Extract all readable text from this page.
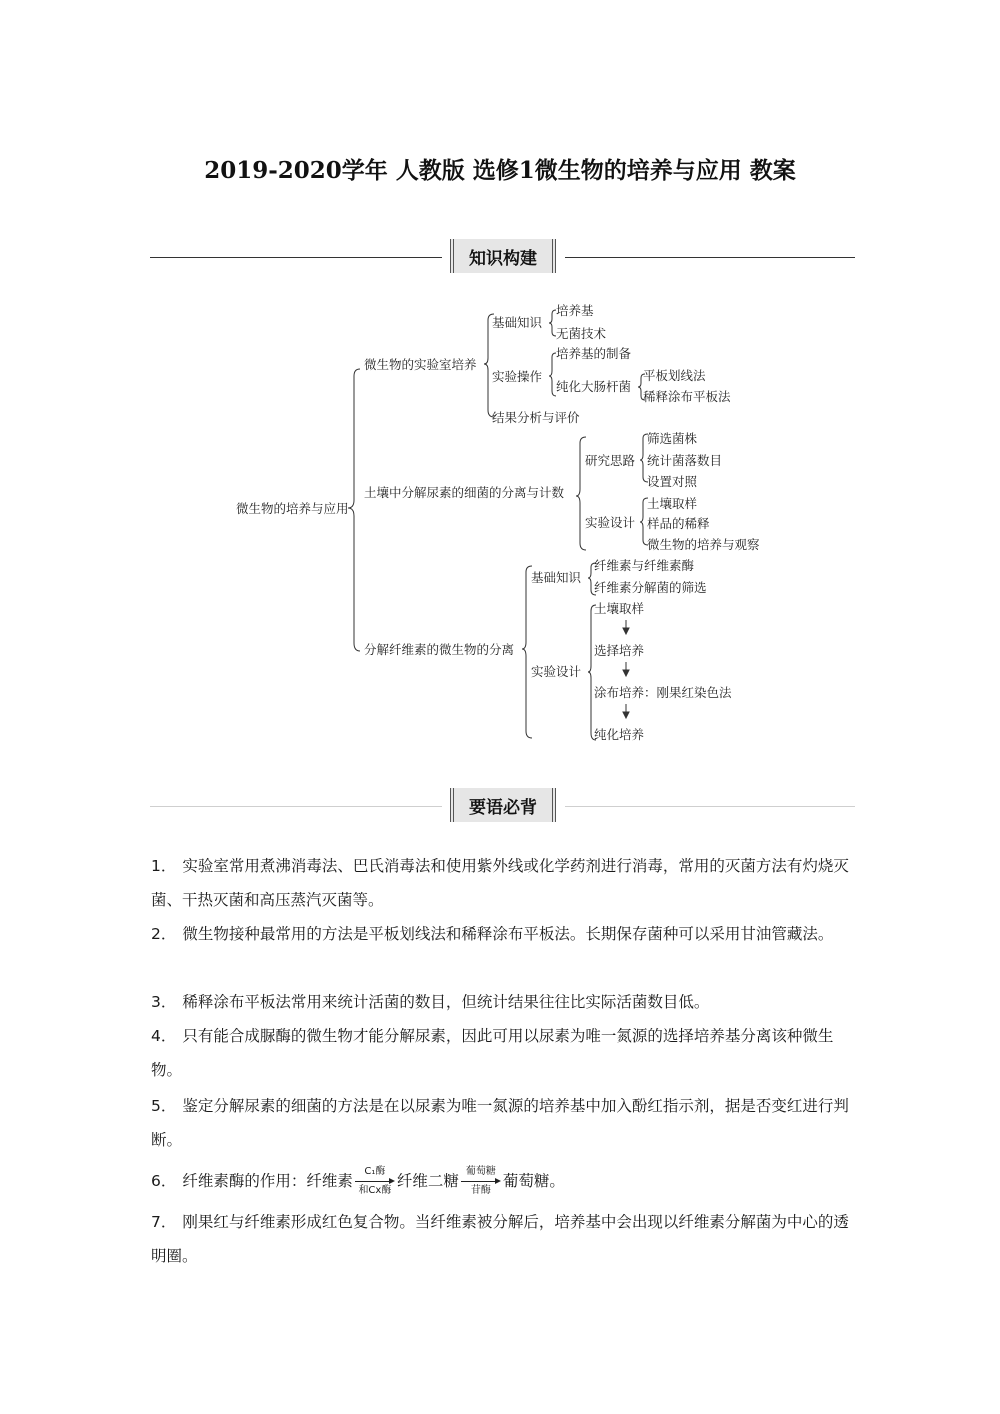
2019-2020学年 人教版 选修1微生物的培养与应用 教案
知识构建
微生物的培养与应用
微生物的实验室培养
基础知识
培养基
无菌技术
实验操作
培养基的制备
纯化大肠杆菌
平板划线法
稀释涂布平板法
结果分析与评价
土壤中分解尿素的细菌的分离与计数
研究思路
筛选菌株
统计菌落数目
设置对照
实验设计
土壤取样
样品的稀释
微生物的培养与观察
分解纤维素的微生物的分离
基础知识
纤维素与纤维素酶
纤维素分解菌的筛选
实验设计
土壤取样
选择培养
涂布培养：刚果红染色法
纯化培养
要语必背
1． 实验室常用煮沸消毒法、巴氏消毒法和使用紫外线或化学药剂进行消毒，常用的灭菌方法有灼烧灭菌、干热灭菌和高压蒸汽灭菌等。
2． 微生物接种最常用的方法是平板划线法和稀释涂布平板法。长期保存菌种可以采用甘油管藏法。
3． 稀释涂布平板法常用来统计活菌的数目，但统计结果往往比实际活菌数目低。
4． 只有能合成脲酶的微生物才能分解尿素，因此可用以尿素为唯一氮源的选择培养基分离该种微生物。
5． 鉴定分解尿素的细菌的方法是在以尿素为唯一氮源的培养基中加入酚红指示剂，据是否变红进行判断。
6． 纤维素酶的作用：纤维素
C₁酶
和Cx酶
纤维二糖
葡萄糖
苷酶
葡萄糖。
7． 刚果红与纤维素形成红色复合物。当纤维素被分解后，培养基中会出现以纤维素分解菌为中心的透明圈。
